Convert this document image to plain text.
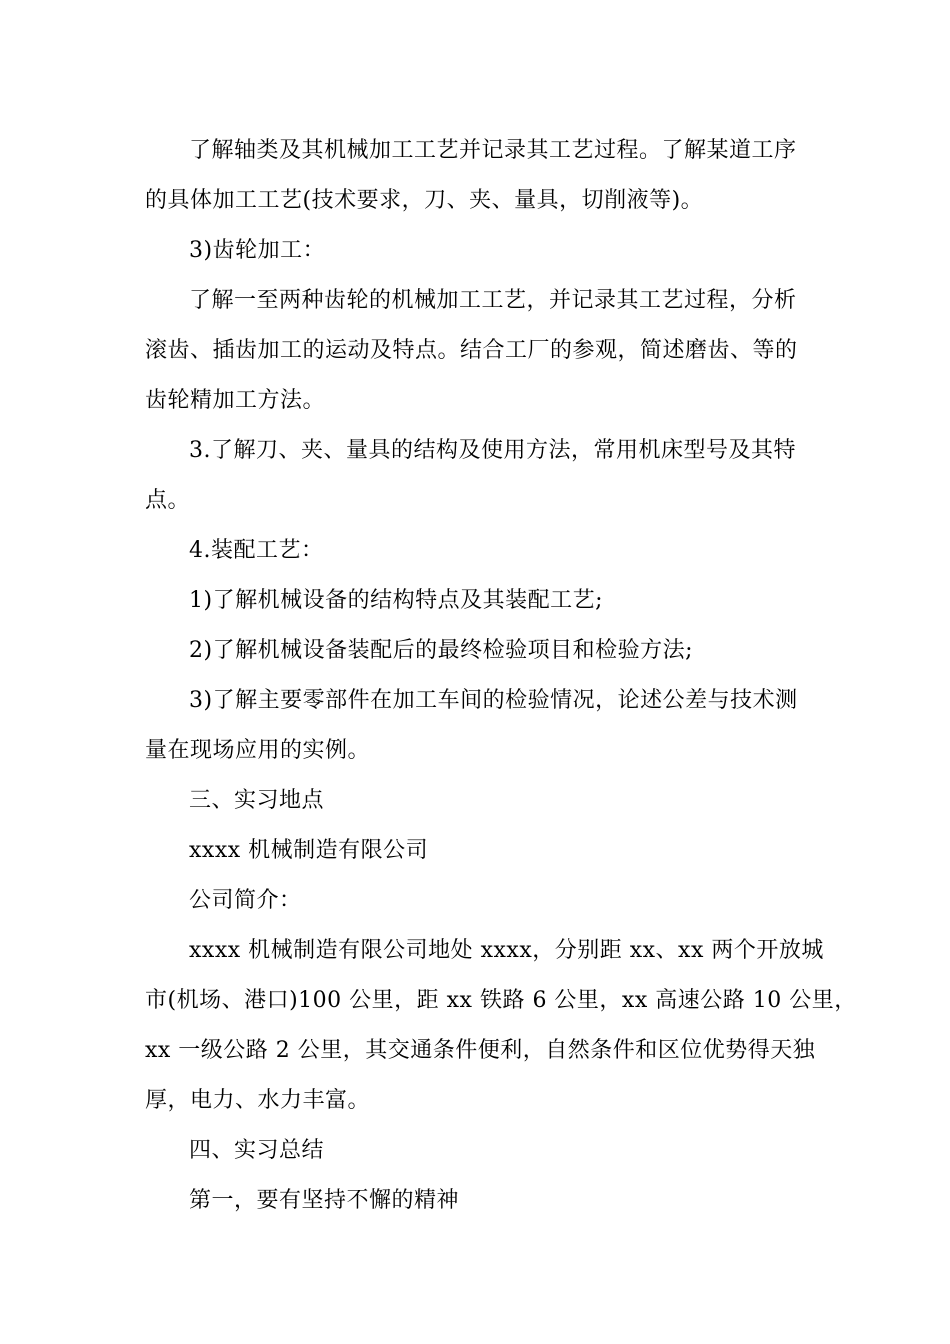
了解轴类及其机械加工工艺并记录其工艺过程。了解某道工序
的具体加工工艺(技术要求，刀、夹、量具，切削液等)。
3)齿轮加工：
了解一至两种齿轮的机械加工工艺，并记录其工艺过程，分析
滚齿、插齿加工的运动及特点。结合工厂的参观，简述磨齿、等的
齿轮精加工方法。
3.了解刀、夹、量具的结构及使用方法，常用机床型号及其特
点。
4.装配工艺：
1)了解机械设备的结构特点及其装配工艺;
2)了解机械设备装配后的最终检验项目和检验方法;
3)了解主要零部件在加工车间的检验情况，论述公差与技术测
量在现场应用的实例。
三、实习地点
xxxx 机械制造有限公司
公司简介：
xxxx 机械制造有限公司地处 xxxx，分别距 xx、xx 两个开放城
市(机场、港口)100 公里，距 xx 铁路 6 公里，xx 高速公路 10 公里，
xx 一级公路 2 公里，其交通条件便利，自然条件和区位优势得天独
厚，电力、水力丰富。
四、实习总结
第一，要有坚持不懈的精神
